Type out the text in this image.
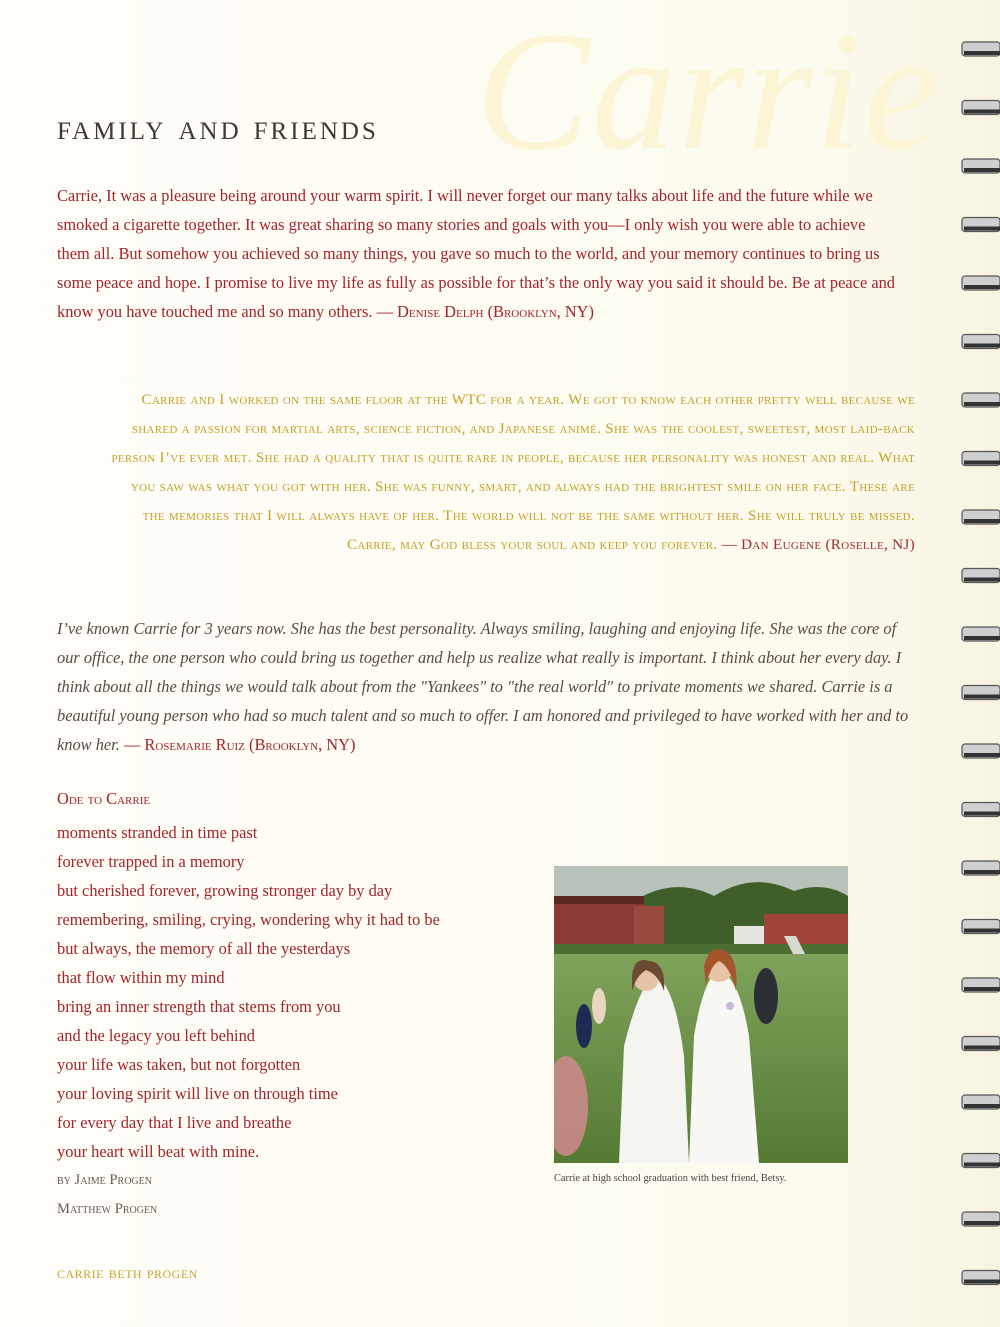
Carrie
family and friends
Carrie, It was a pleasure being around your warm spirit. I will never forget our many talks about life and the future while we smoked a cigarette together. It was great sharing so many stories and goals with you—I only wish you were able to achieve them all. But somehow you achieved so many things, you gave so much to the world, and your memory continues to bring us some peace and hope. I promise to live my life as fully as possible for that’s the only way you said it should be. Be at peace and know you have touched me and so many others. — Denise Delph (Brooklyn, NY)
Carrie and I worked on the same floor at the WTC for a year. We got to know each other pretty well because we shared a passion for martial arts, science fiction, and Japanese animé. She was the coolest, sweetest, most laid-back person I’ve ever met. She had a quality that is quite rare in people, because her personality was honest and real. What you saw was what you got with her. She was funny, smart, and always had the brightest smile on her face. These are the memories that I will always have of her. The world will not be the same without her. She will truly be missed. Carrie, may God bless your soul and keep you forever. — Dan Eugene (Roselle, NJ)
I’ve known Carrie for 3 years now. She has the best personality. Always smiling, laughing and enjoying life. She was the core of our office, the one person who could bring us together and help us realize what really is important. I think about her every day. I think about all the things we would talk about from the "Yankees" to "the real world" to private moments we shared. Carrie is a beautiful young person who had so much talent and so much to offer. I am honored and privileged to have worked with her and to know her. — Rosemarie Ruiz (Brooklyn, NY)
Ode to Carrie
moments stranded in time past
forever trapped in a memory
but cherished forever, growing stronger day by day
remembering, smiling, crying, wondering why it had to be
but always, the memory of all the yesterdays
that flow within my mind
bring an inner strength that stems from you
and the legacy you left behind
your life was taken, but not forgotten
your loving spirit will live on through time
for every day that I live and breathe
your heart will beat with mine.
by Jaime Progen
Matthew Progen
Carrie at high school graduation with best friend, Betsy.
carrie beth progen
